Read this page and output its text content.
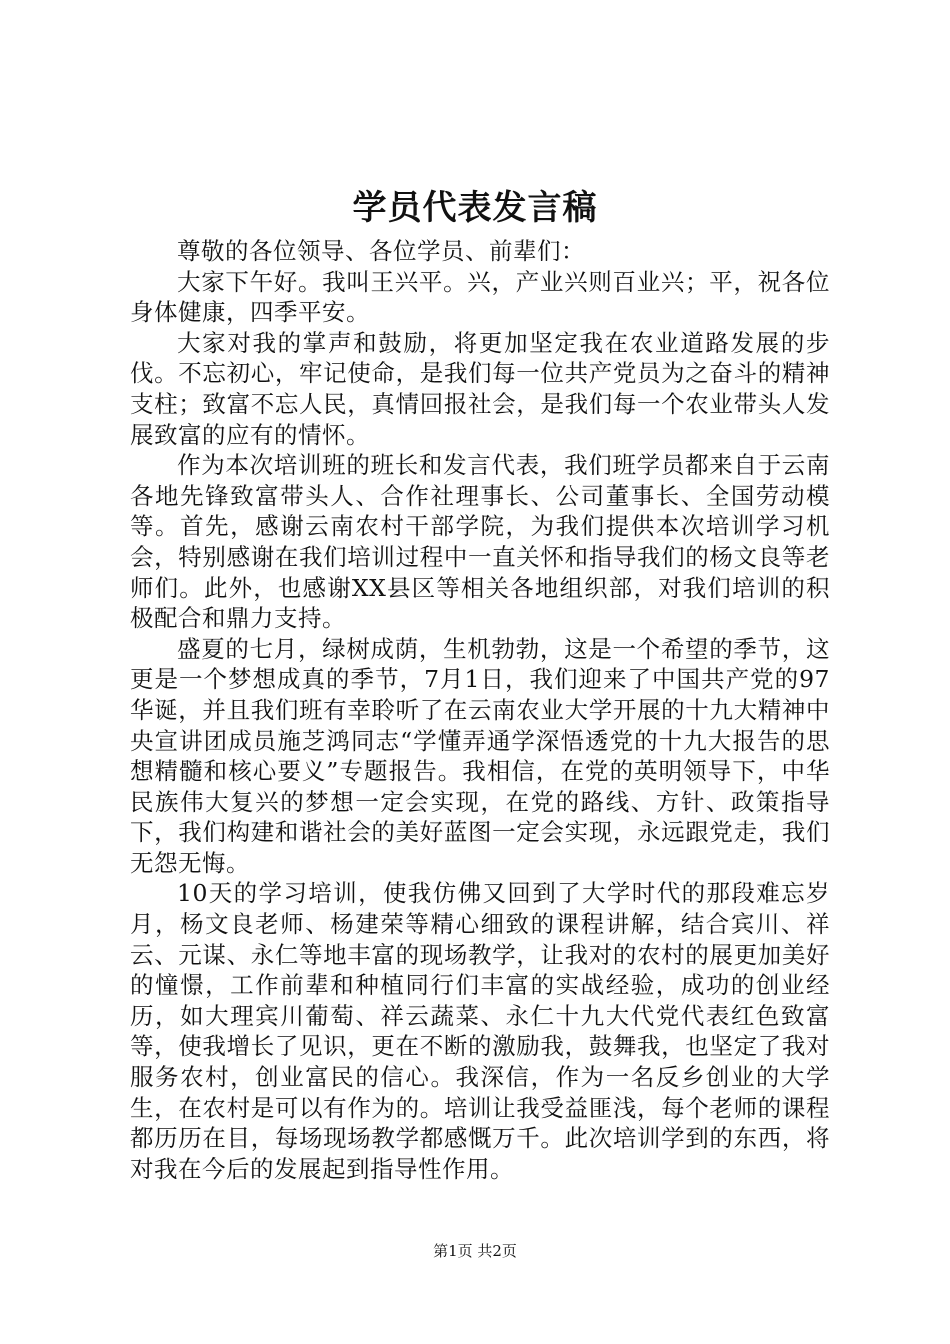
学员代表发言稿

尊敬的各位领导、各位学员、前辈们：

大家下午好。我叫王兴平。兴，产业兴则百业兴；平，祝各位身体健康，四季平安。

大家对我的掌声和鼓励，将更加坚定我在农业道路发展的步伐。不忘初心，牢记使命，是我们每一位共产党员为之奋斗的精神支柱；致富不忘人民，真情回报社会，是我们每一个农业带头人发展致富的应有的情怀。

作为本次培训班的班长和发言代表，我们班学员都来自于云南各地先锋致富带头人、合作社理事长、公司董事长、全国劳动模等。首先，感谢云南农村干部学院，为我们提供本次培训学习机会，特别感谢在我们培训过程中一直关怀和指导我们的杨文良等老师们。此外，也感谢XX县区等相关各地组织部，对我们培训的积极配合和鼎力支持。

盛夏的七月，绿树成荫，生机勃勃，这是一个希望的季节，这更是一个梦想成真的季节，7月1日，我们迎来了中国共产党的97华诞，并且我们班有幸聆听了在云南农业大学开展的十九大精神中央宣讲团成员施芝鸿同志“学懂弄通学深悟透党的十九大报告的思想精髓和核心要义”专题报告。我相信，在党的英明领导下，中华民族伟大复兴的梦想一定会实现，在党的路线、方针、政策指导下，我们构建和谐社会的美好蓝图一定会实现，永远跟党走，我们无怨无悔。

10天的学习培训，使我仿佛又回到了大学时代的那段难忘岁月，杨文良老师、杨建荣等精心细致的课程讲解，结合宾川、祥云、元谋、永仁等地丰富的现场教学，让我对的农村的展更加美好的憧憬，工作前辈和种植同行们丰富的实战经验，成功的创业经历，如大理宾川葡萄、祥云蔬菜、永仁十九大代党代表红色致富等，使我增长了见识，更在不断的激励我，鼓舞我，也坚定了我对服务农村，创业富民的信心。我深信，作为一名反乡创业的大学生，在农村是可以有作为的。培训让我受益匪浅，每个老师的课程都历历在目，每场现场教学都感慨万千。此次培训学到的东西，将对我在今后的发展起到指导性作用。

第1页 共2页
